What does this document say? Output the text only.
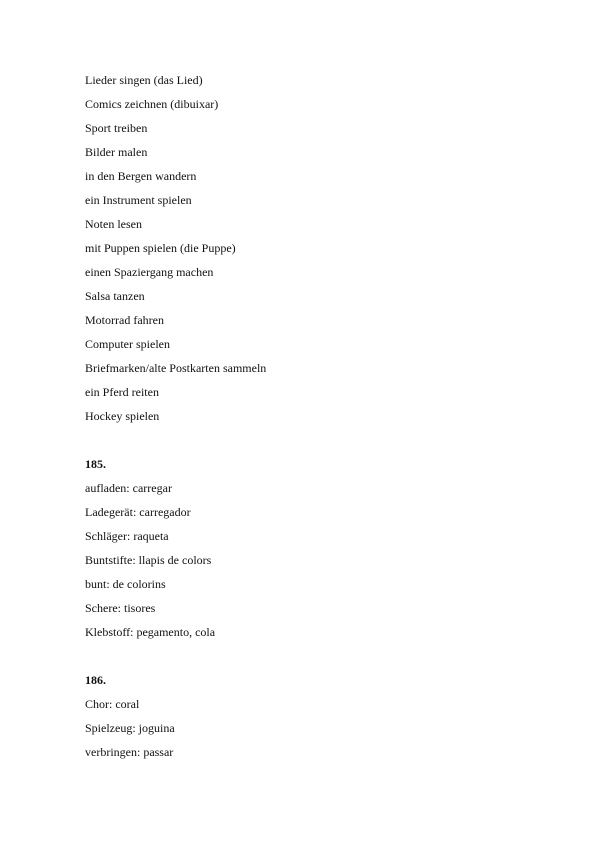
Lieder singen (das Lied)
Comics zeichnen (dibuixar)
Sport treiben
Bilder malen
in den Bergen wandern
ein Instrument spielen
Noten lesen
mit Puppen spielen (die Puppe)
einen Spaziergang machen
Salsa tanzen
Motorrad fahren
Computer spielen
Briefmarken/alte Postkarten sammeln
ein Pferd reiten
Hockey spielen
185.
aufladen: carregar
Ladegerät: carregador
Schläger: raqueta
Buntstifte: llapis de colors
bunt: de colorins
Schere: tisores
Klebstoff: pegamento, cola
186.
Chor: coral
Spielzeug: joguina
verbringen: passar
